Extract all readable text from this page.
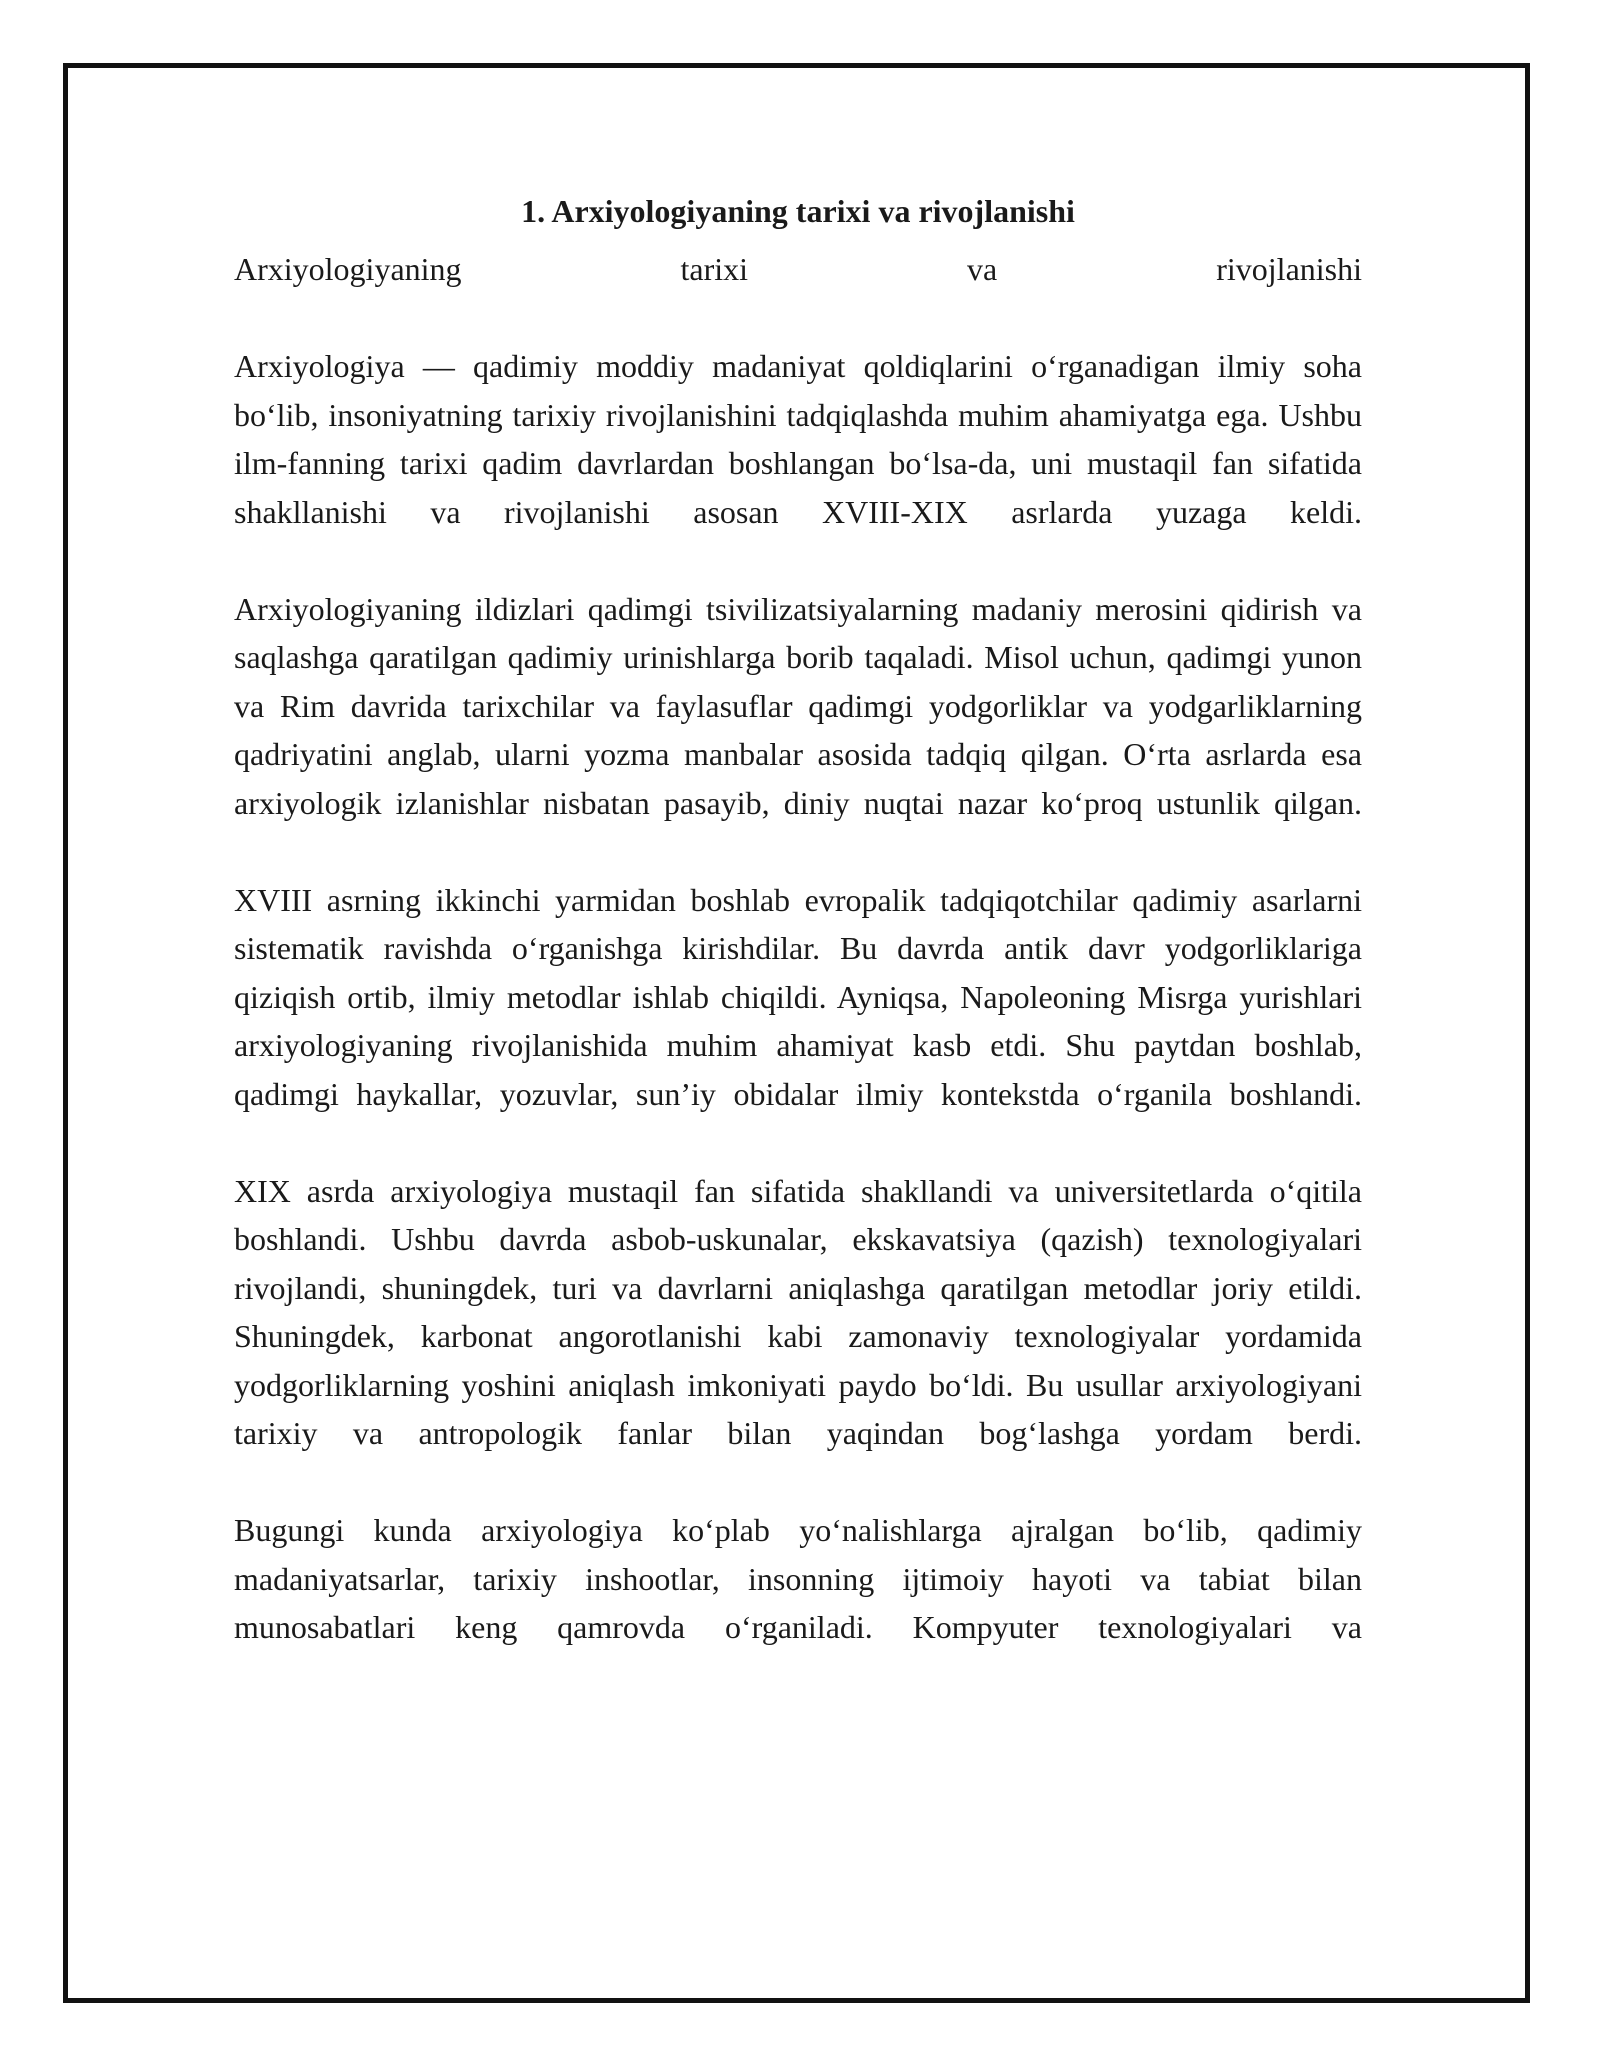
1. Arxiyologiyaning tarixi va rivojlanishi

Arxiyologiyaning tarixi va rivojlanishi

Arxiyologiya — qadimiy moddiy madaniyat qoldiqlarini o‘rganadigan ilmiy soha bo‘lib, insoniyatning tarixiy rivojlanishini tadqiqlashda muhim ahamiyatga ega. Ushbu ilm-fanning tarixi qadim davrlardan boshlangan bo‘lsa-da, uni mustaqil fan sifatida shakllanishi va rivojlanishi asosan XVIII-XIX asrlarda yuzaga keldi.

Arxiyologiyaning ildizlari qadimgi tsivilizatsiyalarning madaniy merosini qidirish va saqlashga qaratilgan qadimiy urinishlarga borib taqaladi. Misol uchun, qadimgi yunon va Rim davrida tarixchilar va faylasuflar qadimgi yodgorliklar va yodgarliklarning qadriyatini anglab, ularni yozma manbalar asosida tadqiq qilgan. O‘rta asrlarda esa arxiyologik izlanishlar nisbatan pasayib, diniy nuqtai nazar ko‘proq ustunlik qilgan.

XVIII asrning ikkinchi yarmidan boshlab evropalik tadqiqotchilar qadimiy asarlarni sistematik ravishda o‘rganishga kirishdilar. Bu davrda antik davr yodgorliklariga qiziqish ortib, ilmiy metodlar ishlab chiqildi. Ayniqsa, Napoleoning Misrga yurishlari arxiyologiyaning rivojlanishida muhim ahamiyat kasb etdi. Shu paytdan boshlab, qadimgi haykallar, yozuvlar, sun’iy obidalar ilmiy kontekstda o‘rganila boshlandi.

XIX asrda arxiyologiya mustaqil fan sifatida shakllandi va universitetlarda o‘qitila boshlandi. Ushbu davrda asbob-uskunalar, ekskavatsiya (qazish) texnologiyalari rivojlandi, shuningdek, turi va davrlarni aniqlashga qaratilgan metodlar joriy etildi. Shuningdek, karbonat angorotlanishi kabi zamonaviy texnologiyalar yordamida yodgorliklarning yoshini aniqlash imkoniyati paydo bo‘ldi. Bu usullar arxiyologiyani tarixiy va antropologik fanlar bilan yaqindan bog‘lashga yordam berdi.

Bugungi kunda arxiyologiya ko‘plab yo‘nalishlarga ajralgan bo‘lib, qadimiy madaniyatsarlar, tarixiy inshootlar, insonning ijtimoiy hayoti va tabiat bilan munosabatlari keng qamrovda o‘rganiladi. Kompyuter texnologiyalari va
